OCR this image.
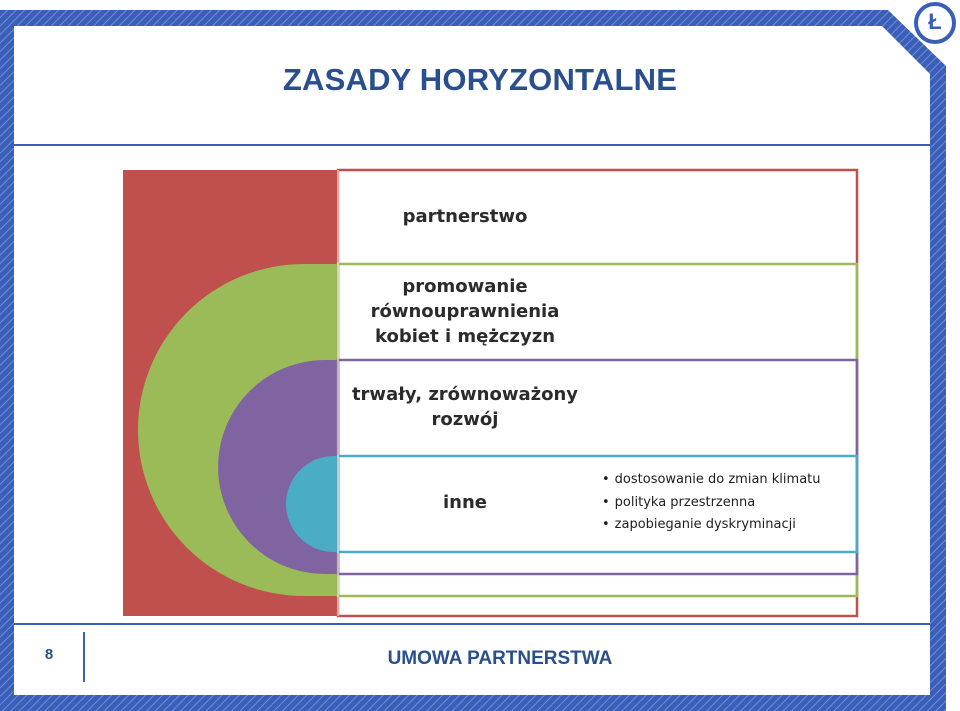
Ł
ZASADY HORYZONTALNE
partnerstwo
promowanie równouprawnienia kobiet i mężczyzn
trwały, zrównoważony rozwój
inne
• dostosowanie do zmian klimatu
• polityka przestrzenna
• zapobieganie dyskryminacji
8	UMOWA PARTNERSTWA
